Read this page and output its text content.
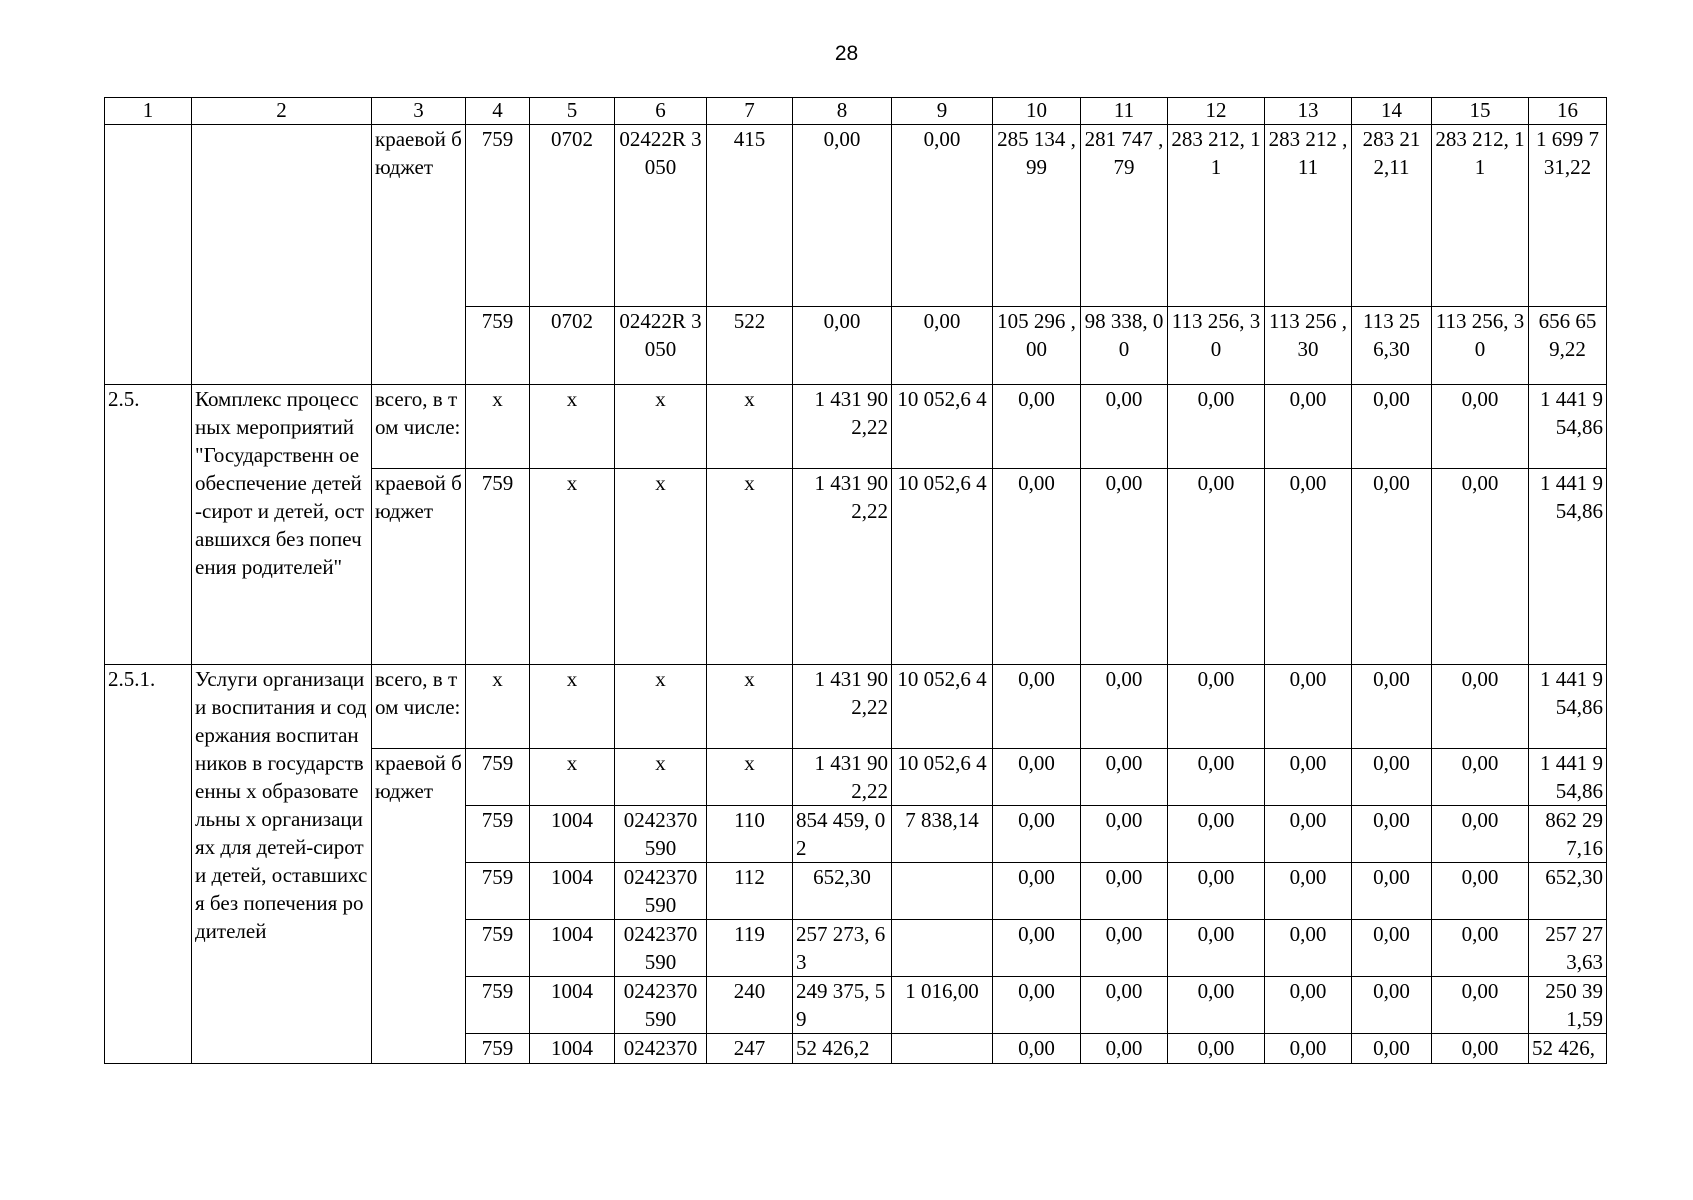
28
1	2	3	4	5	6	7	8	9	10	11	12	13	14	15	16
		краевой бюджет	759	0702	02422R 3050	415	0,00	0,00	285 134 ,99	281 747 ,79	283 212, 11	283 212 ,11	283 21 2,11	283 212, 11	1 699 7 31,22
			759	0702	02422R 3050	522	0,00	0,00	105 296 ,00	98 338, 00	113 256, 30	113 256 ,30	113 25 6,30	113 256, 30	656 65 9,22
2.5.	Комплекс процессных мероприятий "Государственн ое обеспечение детей-сирот и детей, оставшихся без попечения родителей"	всего, в том числе:	x	x	x	x	1 431 90 2,22	10 052,6 4	0,00	0,00	0,00	0,00	0,00	0,00	1 441 9 54,86
		краевой бюджет	759	x	x	x	1 431 90 2,22	10 052,6 4	0,00	0,00	0,00	0,00	0,00	0,00	1 441 9 54,86
2.5.1.	Услуги организации воспитания и содержания воспитанников в государственны х образовательны х организациях для детей-сирот и детей, оставшихся без попечения родителей	всего, в том числе:	x	x	x	x	1 431 90 2,22	10 052,6 4	0,00	0,00	0,00	0,00	0,00	0,00	1 441 9 54,86
		краевой бюджет	759	x	x	x	1 431 90 2,22	10 052,6 4	0,00	0,00	0,00	0,00	0,00	0,00	1 441 9 54,86
			759	1004	0242370 590	110	854 459, 02	7 838,14	0,00	0,00	0,00	0,00	0,00	0,00	862 29 7,16
			759	1004	0242370 590	112	652,30		0,00	0,00	0,00	0,00	0,00	0,00	652,30
			759	1004	0242370 590	119	257 273, 63		0,00	0,00	0,00	0,00	0,00	0,00	257 27 3,63
			759	1004	0242370 590	240	249 375, 59	1 016,00	0,00	0,00	0,00	0,00	0,00	0,00	250 39 1,59
			759	1004	0242370	247	52 426,2		0,00	0,00	0,00	0,00	0,00	0,00	52 426,
